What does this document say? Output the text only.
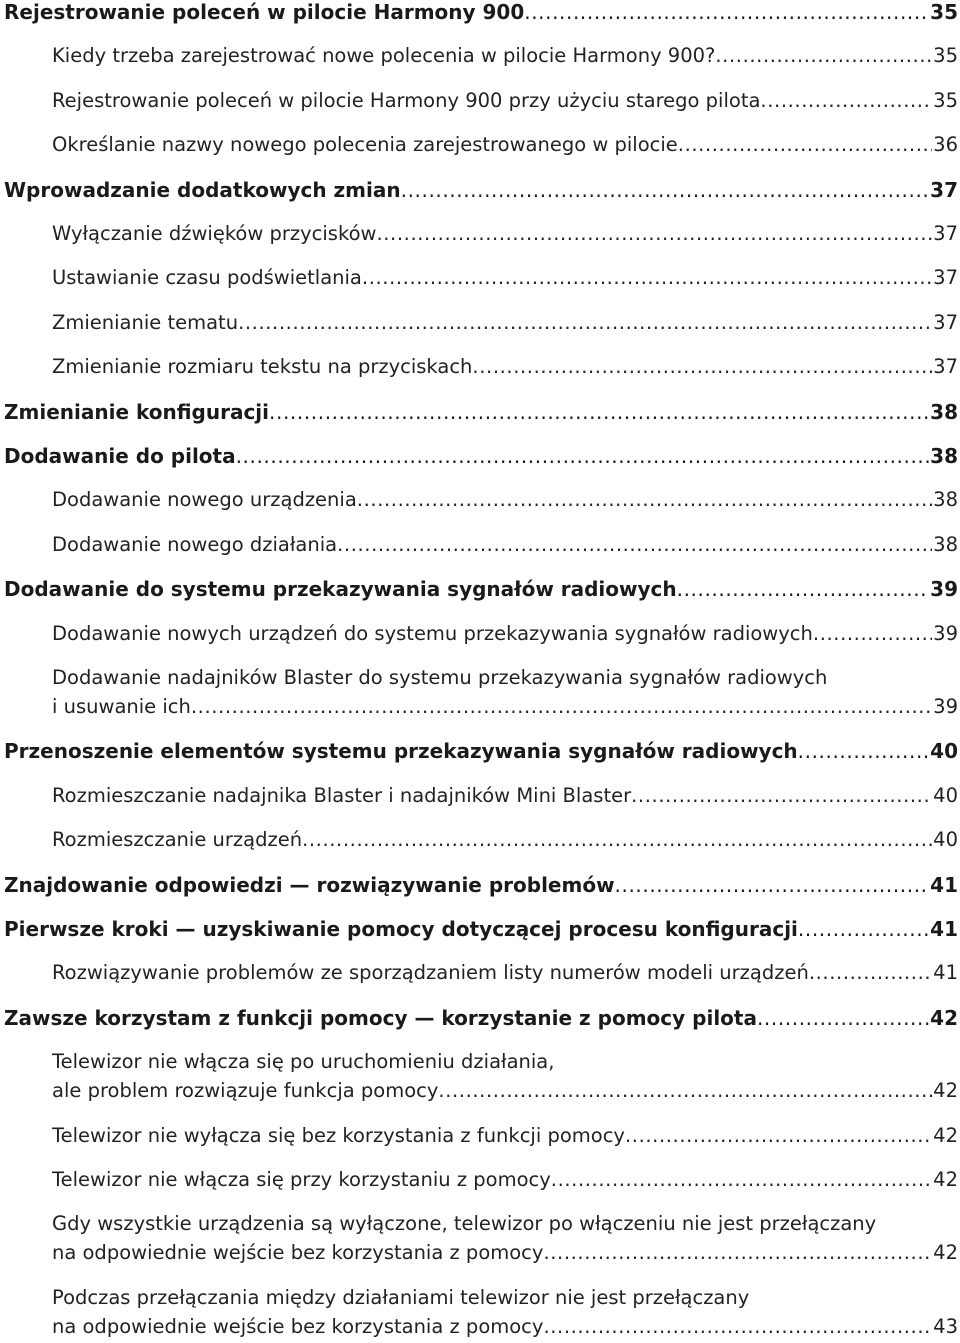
Rejestrowanie poleceń w pilocie Harmony 900 .....	35
Kiedy trzeba zarejestrować nowe polecenia w pilocie Harmony 900? .....	35
Rejestrowanie poleceń w pilocie Harmony 900 przy użyciu starego pilota .....	35
Określanie nazwy nowego polecenia zarejestrowanego w pilocie .....	36
Wprowadzanie dodatkowych zmian .....	37
Wyłączanie dźwięków przycisków .....	37
Ustawianie czasu podświetlania .....	37
Zmienianie tematu .....	37
Zmienianie rozmiaru tekstu na przyciskach .....	37
Zmienianie konfiguracji .....	38
Dodawanie do pilota .....	38
Dodawanie nowego urządzenia .....	38
Dodawanie nowego działania .....	38
Dodawanie do systemu przekazywania sygnałów radiowych .....	39
Dodawanie nowych urządzeń do systemu przekazywania sygnałów radiowych .....	39
Dodawanie nadajników Blaster do systemu przekazywania sygnałów radiowych
i usuwanie ich .....	39
Przenoszenie elementów systemu przekazywania sygnałów radiowych .....	40
Rozmieszczanie nadajnika Blaster i nadajników Mini Blaster .....	40
Rozmieszczanie urządzeń .....	40
Znajdowanie odpowiedzi — rozwiązywanie problemów .....	41
Pierwsze kroki — uzyskiwanie pomocy dotyczącej procesu konfiguracji .....	41
Rozwiązywanie problemów ze sporządzaniem listy numerów modeli urządzeń .....	41
Zawsze korzystam z funkcji pomocy — korzystanie z pomocy pilota .....	42
Telewizor nie włącza się po uruchomieniu działania,
ale problem rozwiązuje funkcja pomocy .....	42
Telewizor nie wyłącza się bez korzystania z funkcji pomocy .....	42
Telewizor nie włącza się przy korzystaniu z pomocy .....	42
Gdy wszystkie urządzenia są wyłączone, telewizor po włączeniu nie jest przełączany
na odpowiednie wejście bez korzystania z pomocy .....	42
Podczas przełączania między działaniami telewizor nie jest przełączany
na odpowiednie wejście bez korzystania z pomocy .....	43
